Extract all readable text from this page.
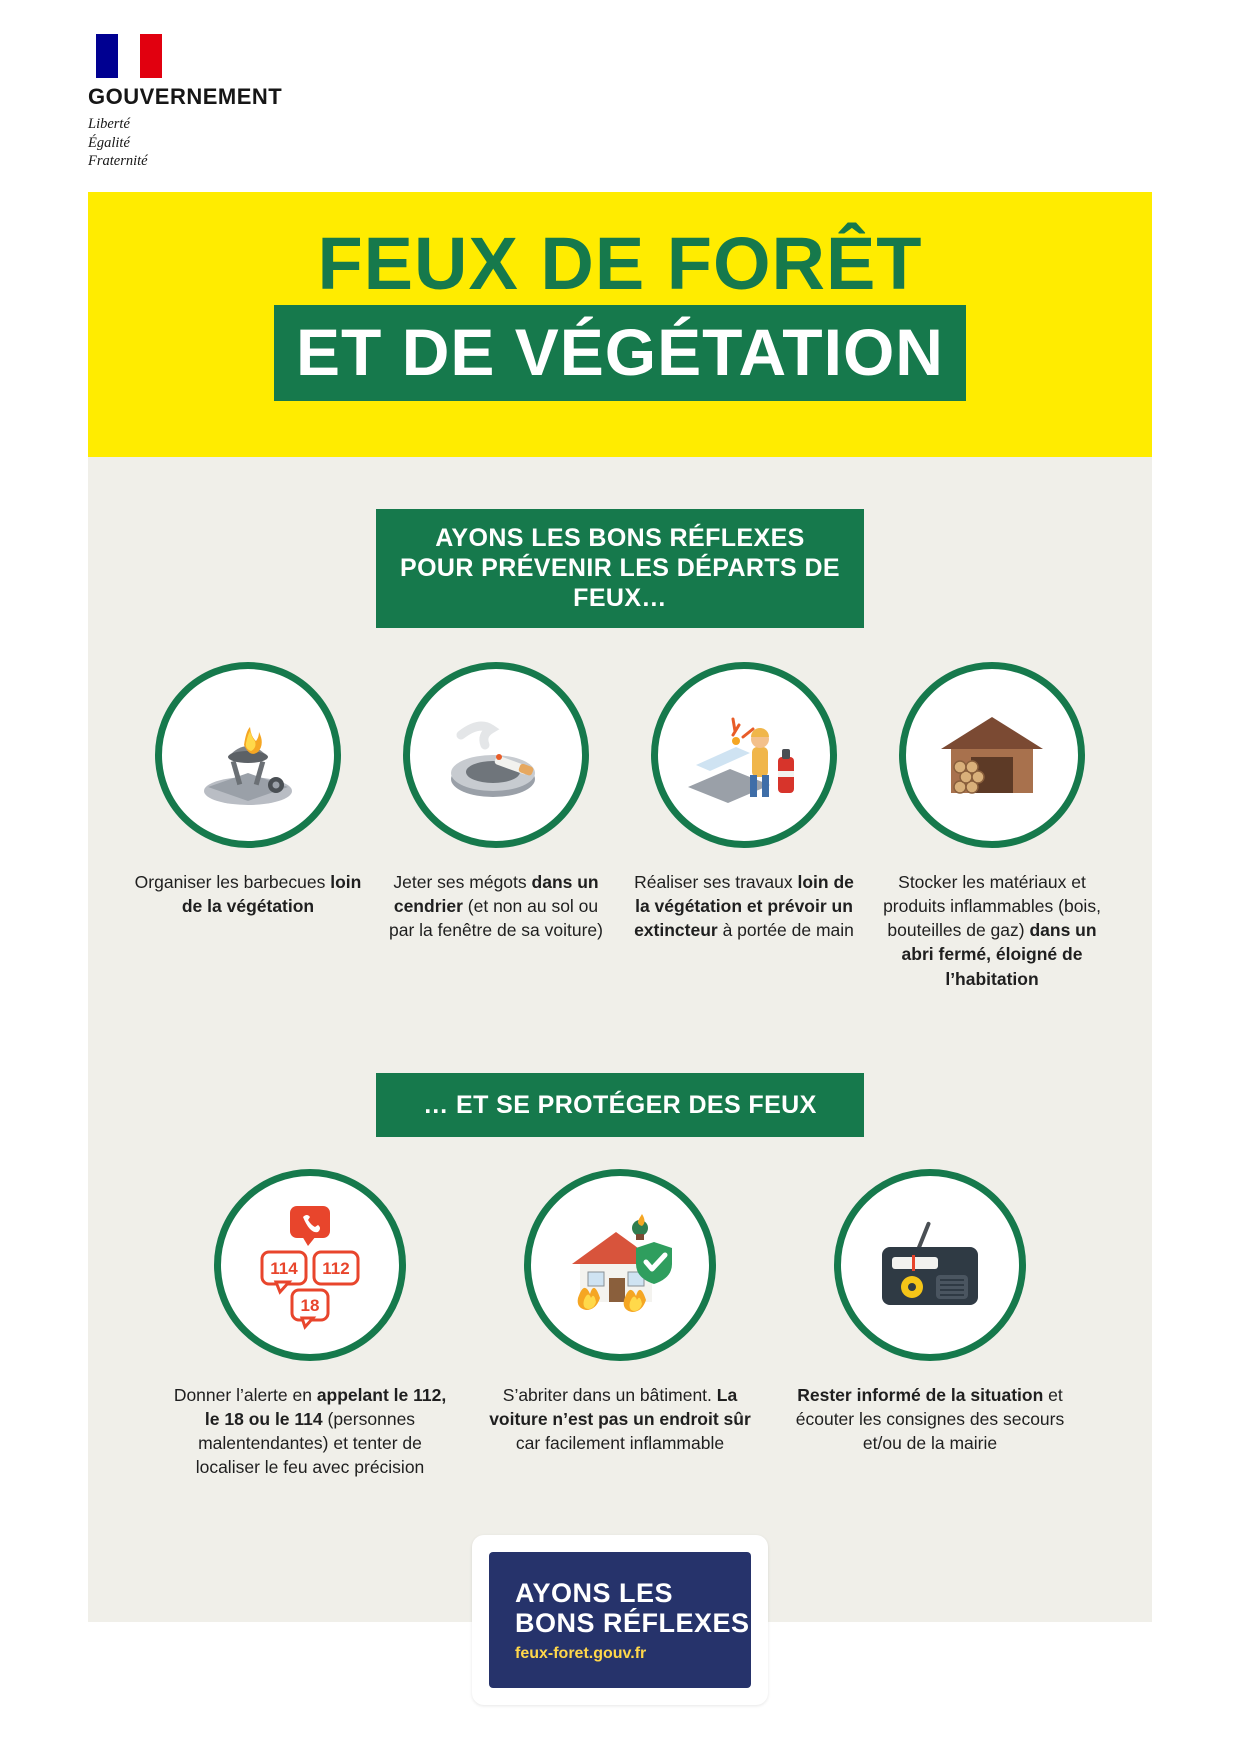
GOUVERNEMENT
Liberté
Égalité
Fraternité
FEUX DE FORÊT
ET DE VÉGÉTATION
AYONS LES BONS RÉFLEXES POUR PRÉVENIR LES DÉPARTS DE FEUX…
Organiser les barbecues loin de la végétation
Jeter ses mégots dans un cendrier (et non au sol ou par la fenêtre de sa voiture)
Réaliser ses travaux loin de la végétation et prévoir un extincteur à portée de main
Stocker les matériaux et produits inflammables (bois, bouteilles de gaz) dans un abri fermé, éloigné de l’habitation
… ET SE PROTÉGER DES FEUX
114 112
18
Donner l’alerte en appelant le 112, le 18 ou le 114 (personnes malentendantes) et tenter de localiser le feu avec précision
S’abriter dans un bâtiment. La voiture n’est pas un endroit sûr car facilement inflammable
Rester informé de la situation et écouter les consignes des secours et/ou de la mairie
AYONS LES
BONS RÉFLEXES
feux-foret.gouv.fr
